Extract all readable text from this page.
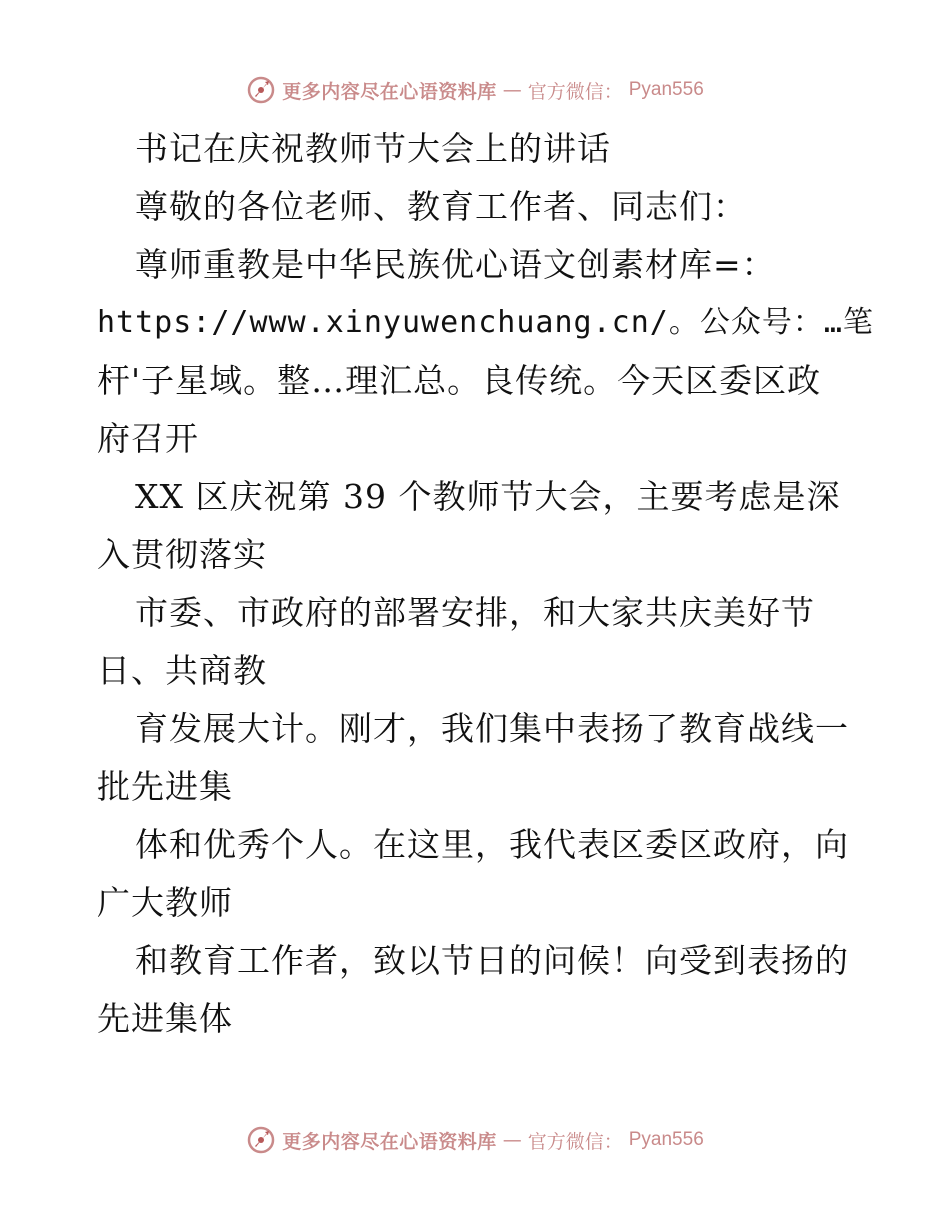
更多内容尽在心语资料库 — 官方微信： Pyan556
书记在庆祝教师节大会上的讲话
尊敬的各位老师、教育工作者、同志们：
尊师重教是中华民族优心语文创素材库=：
https://www.xinyuwenchuang.cn/。公众号：…笔
杆'子星域。整…理汇总。良传统。今天区委区政
府召开
XX 区庆祝第 39 个教师节大会，主要考虑是深
入贯彻落实
市委、市政府的部署安排，和大家共庆美好节
日、共商教
育发展大计。刚才，我们集中表扬了教育战线一
批先进集
体和优秀个人。在这里，我代表区委区政府，向
广大教师
和教育工作者，致以节日的问候！向受到表扬的
先进集体
更多内容尽在心语资料库 — 官方微信： Pyan556
